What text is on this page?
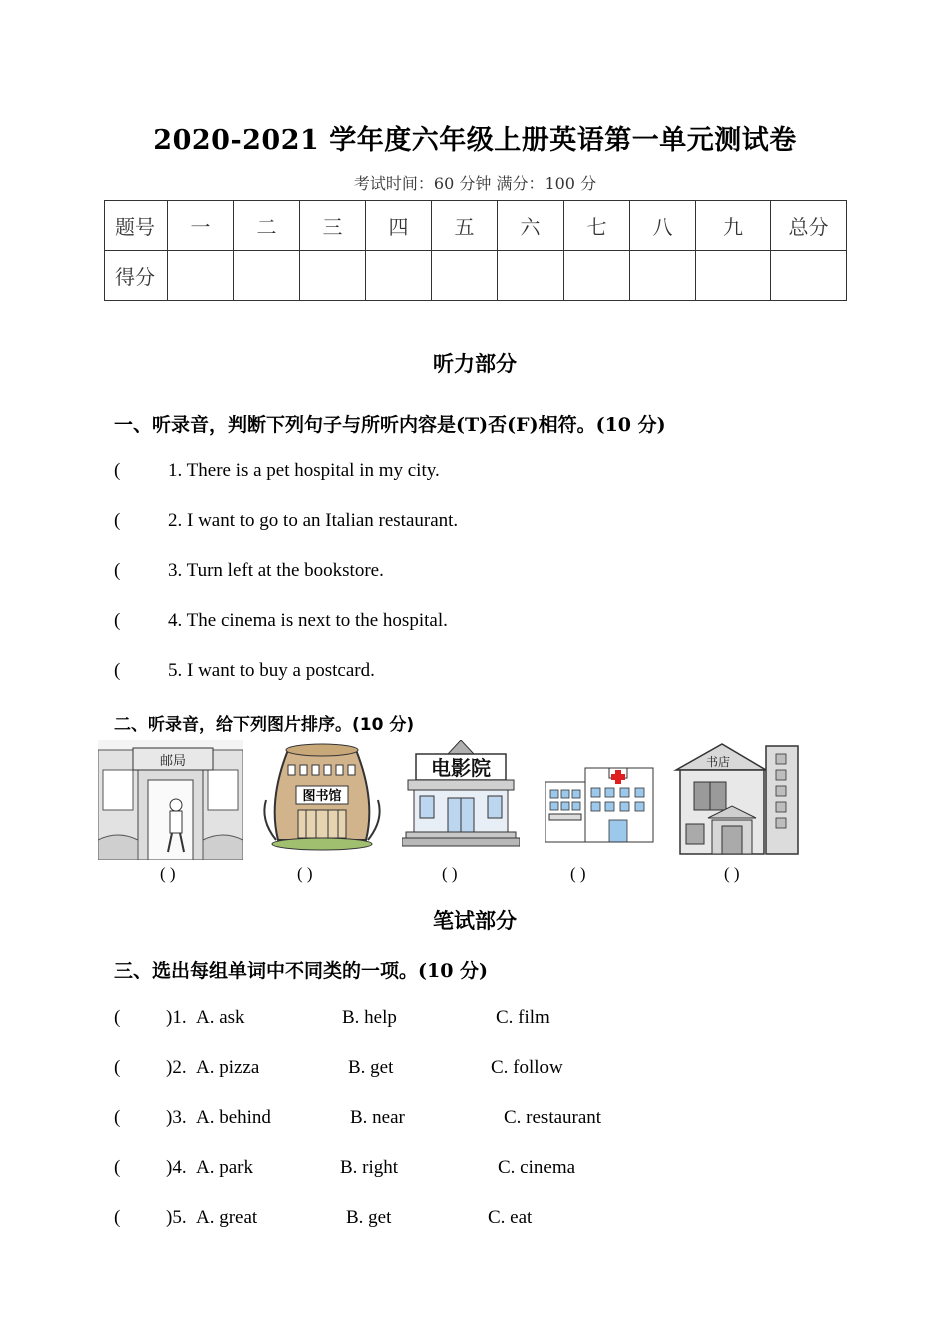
2020-2021 学年度六年级上册英语第一单元测试卷
考试时间：60 分钟 满分：100 分
题号	一	二	三	四	五	六	七	八	九	总分
得分										
听力部分
一、听录音，判断下列句子与所听内容是(T)否(F)相符。(10 分)
(	1. There is a pet hospital in my city.
(	2. I want to go to an Italian restaurant.
(	3. Turn left at the bookstore.
(	4. The cinema is next to the hospital.
(	5. I want to buy a postcard.
二、听录音，给下列图片排序。(10 分)
邮局
( )
图书馆
( )
电影院
( )	( )
书店
( )
笔试部分
三、选出每组单词中不同类的一项。(10 分)
( )1. A. ask	B. help	C. film
( )2. A. pizza	B. get	C. follow
( )3. A. behind	B. near	C. restaurant
( )4. A. park	B. right	C. cinema
( )5. A. great	B. get	C. eat
